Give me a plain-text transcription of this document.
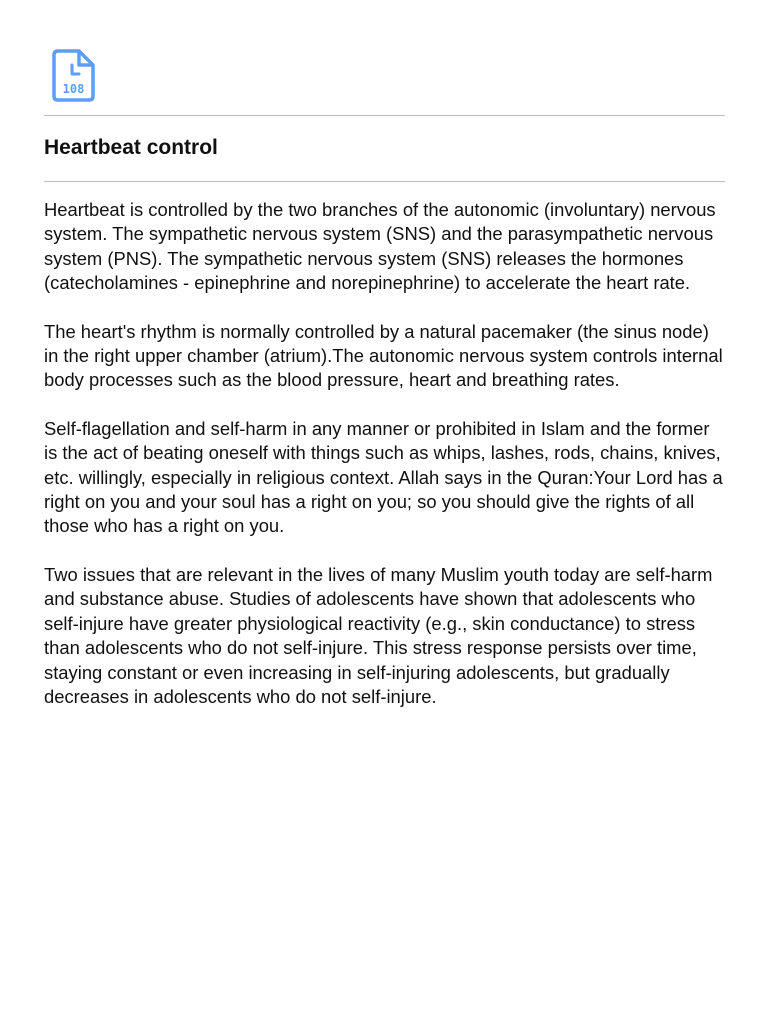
108
Heartbeat control

Heartbeat is controlled by the two branches of the autonomic (involuntary) nervous system. The sympathetic nervous system (SNS) and the parasympathetic nervous system (PNS). The sympathetic nervous system (SNS) releases the hormones (catecholamines - epinephrine and norepinephrine) to accelerate the heart rate.

The heart's rhythm is normally controlled by a natural pacemaker (the sinus node) in the right upper chamber (atrium).The autonomic nervous system controls internal body processes such as the blood pressure, heart and breathing rates.

Self-flagellation and self-harm in any manner or prohibited in Islam and the former is the act of beating oneself with things such as whips, lashes, rods, chains, knives, etc. willingly, especially in religious context. Allah says in the Quran:Your Lord has a right on you and your soul has a right on you; so you should give the rights of all those who has a right on you.

Two issues that are relevant in the lives of many Muslim youth today are self-harm and substance abuse. Studies of adolescents have shown that adolescents who self-injure have greater physiological reactivity (e.g., skin conductance) to stress than adolescents who do not self-injure. This stress response persists over time, staying constant or even increasing in self-injuring adolescents, but gradually decreases in adolescents who do not self-injure.
